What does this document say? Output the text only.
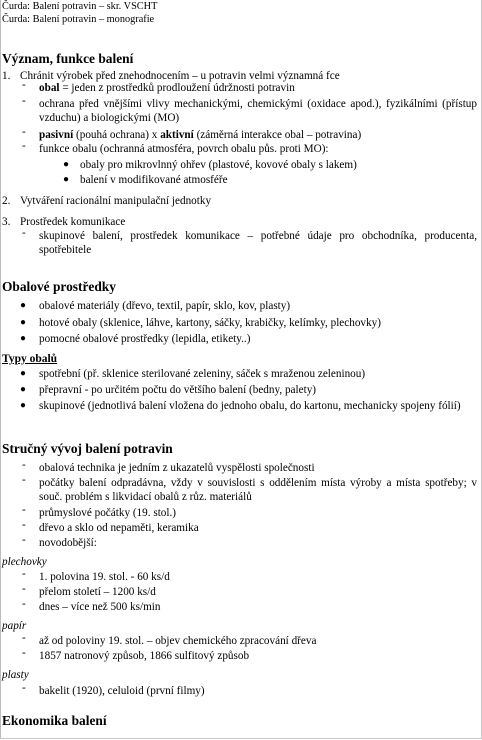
Čurda: Balení potravin – skr. VSCHT
Čurda: Balení potravin – monografie
Význam, funkce balení
1. Chránit výrobek před znehodnocením – u potravin velmi významná fce
- obal = jeden z prostředků prodloužení údržnosti potravin
- ochrana před vnějšími vlivy mechanickými, chemickými (oxidace apod.), fyzikálními (přístup vzduchu) a biologickými (MO)
- pasivní (pouhá ochrana) x aktivní (záměrná interakce obal – potravina)
- funkce obalu (ochranná atmosféra, povrch obalu půs. proti MO):
● obaly pro mikrovlnný ohřev (plastové, kovové obaly s lakem)
● balení v modifikované atmosféře
2. Vytváření racionální manipulační jednotky
3. Prostředek komunikace
- skupinové balení, prostředek komunikace – potřebné údaje pro obchodníka, producenta, spotřebitele
Obalové prostředky
● obalové materiály (dřevo, textil, papír, sklo, kov, plasty)
● hotové obaly (sklenice, láhve, kartony, sáčky, krabičky, kelímky, plechovky)
● pomocné obalové prostředky (lepidla, etikety..)
Typy obalů
● spotřební (př. sklenice sterilované zeleniny, sáček s mraženou zeleninou)
● přepravní - po určitém počtu do většího balení (bedny, palety)
● skupinové (jednotlivá balení vložena do jednoho obalu, do kartonu, mechanicky spojeny fólií)
Stručný vývoj balení potravin
- obalová technika je jedním z ukazatelů vyspělosti společnosti
- počátky balení odpradávna, vždy v souvislosti s oddělením místa výroby a místa spotřeby; v souč. problém s likvidací obalů z růz. materiálů
- průmyslové počátky (19. stol.)
- dřevo a sklo od nepaměti, keramika
- novodobější:
plechovky
- 1. polovina 19. stol. - 60 ks/d
- přelom století – 1200 ks/d
- dnes – více než 500 ks/min
papír
- až od poloviny 19. stol. – objev chemického zpracování dřeva
- 1857 natronový způsob, 1866 sulfitový způsob
plasty
- bakelit (1920), celuloid (první filmy)
Ekonomika balení
